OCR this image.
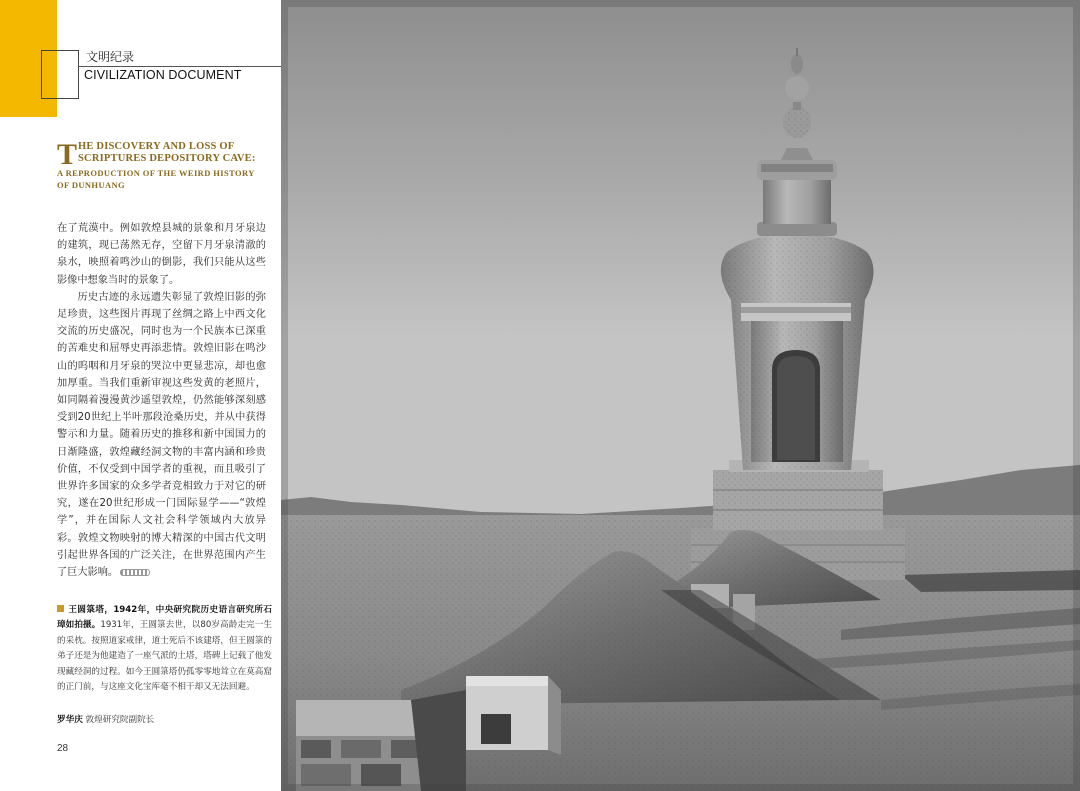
文明纪录
CIVILIZATION DOCUMENT
T HE DISCOVERY AND LOSS OF
SCRIPTURES DEPOSITORY CAVE:
A REPRODUCTION OF THE WEIRD HISTORY
OF DUNHUANG

在了荒漠中。例如敦煌县城的景象和月牙泉边的建筑，现已荡然无存，空留下月牙泉清澈的泉水，映照着鸣沙山的倒影，我们只能从这些影像中想象当时的景象了。

历史古迹的永远遗失彰显了敦煌旧影的弥足珍贵，这些图片再现了丝绸之路上中西文化交流的历史盛况，同时也为一个民族本已深重的苦难史和屈辱史再添悲情。敦煌旧影在鸣沙山的呜咽和月牙泉的哭泣中更显悲凉，却也愈加厚重。当我们重新审视这些发黄的老照片，如同隔着漫漫黄沙遥望敦煌，仍然能够深刻感受到20世纪上半叶那段沧桑历史，并从中获得警示和力量。随着历史的推移和新中国国力的日渐隆盛，敦煌藏经洞文物的丰富内涵和珍贵价值，不仅受到中国学者的重视，而且吸引了世界许多国家的众多学者竞相致力于对它的研究，遂在20世纪形成一门国际显学——“敦煌学”，并在国际人文社会科学领域内大放异彩。敦煌文物映射的博大精深的中国古代文明引起世界各国的广泛关注，在世界范围内产生了巨大影响。

王圆箓塔，1942年，中央研究院历史语言研究所石璋如拍摄。1931年，王圆箓去世，以80岁高龄走完一生的采枕。按照道家戒律，道士死后不该建塔，但王圆箓的弟子还是为他建造了一座气派的土塔，塔碑上记载了他发现藏经洞的过程。如今王圆箓塔仍孤零零地耸立在莫高窟的正门前，与这座文化宝库毫不相干却又无法回避。
罗华庆 敦煌研究院副院长
28
